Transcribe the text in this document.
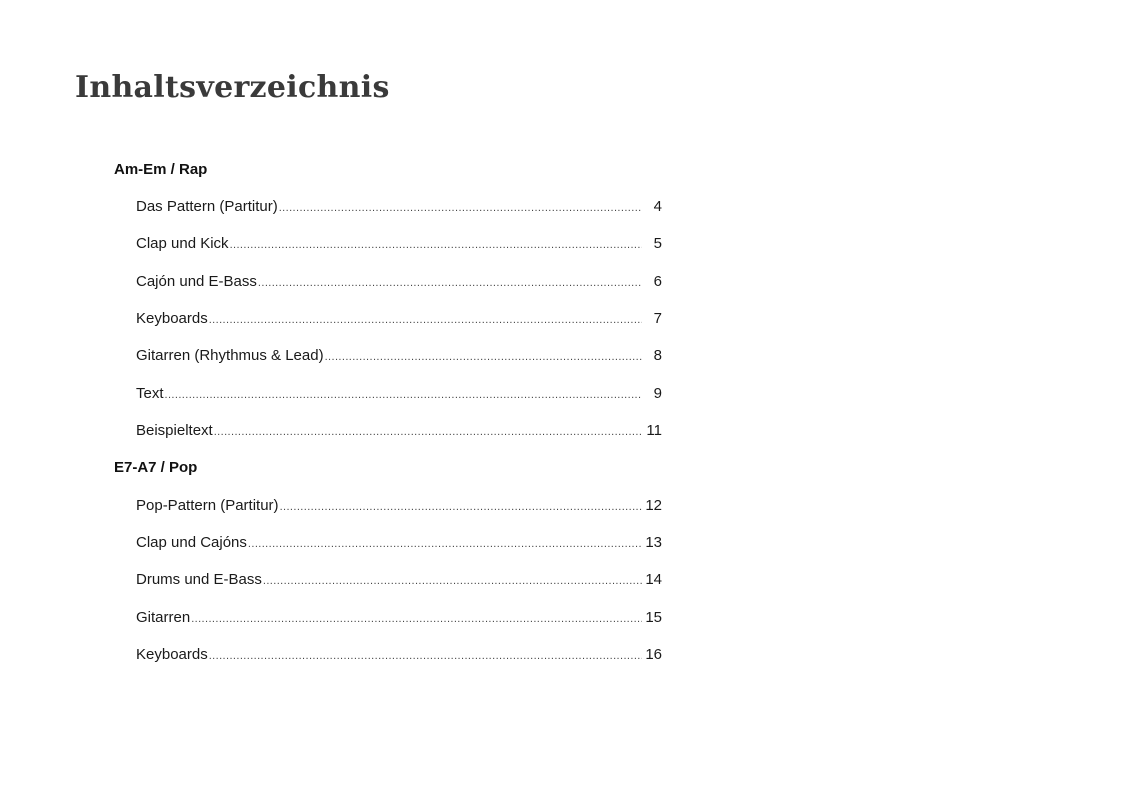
Inhaltsverzeichnis
Am-Em / Rap
Das Pattern (Partitur) .....	4
Clap und Kick .....	5
Cajón und E-Bass .....	6
Keyboards .....	7
Gitarren (Rhythmus & Lead) .....	8
Text .....	9
Beispieltext .....	11
E7-A7 / Pop
Pop-Pattern (Partitur) .....	12
Clap und Cajóns .....	13
Drums und E-Bass .....	14
Gitarren .....	15
Keyboards .....	16
